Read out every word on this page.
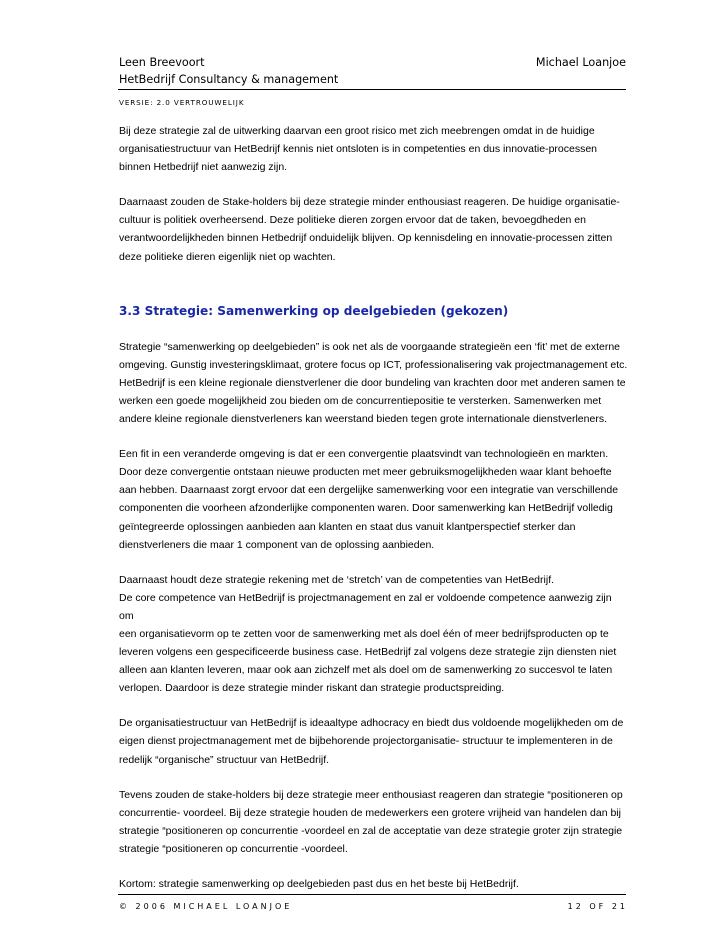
Leen Breevoort	Michael Loanjoe
HetBedrijf Consultancy & management
VERSIE: 2.0 VERTROUWELIJK

Bij deze strategie zal de uitwerking daarvan een groot risico met zich meebrengen omdat in de huidige
organisatiestructuur van HetBedrijf kennis niet ontsloten is in competenties en dus innovatie-processen
binnen Hetbedrijf niet aanwezig zijn.

Daarnaast zouden de Stake-holders bij deze strategie minder enthousiast reageren. De huidige organisatie-
cultuur is politiek overheersend. Deze politieke dieren zorgen ervoor dat de taken, bevoegdheden en
verantwoordelijkheden binnen Hetbedrijf onduidelijk blijven. Op kennisdeling en innovatie-processen zitten
deze politieke dieren eigenlijk niet op wachten.

3.3 Strategie: Samenwerking op deelgebieden (gekozen)

Strategie “samenwerking op deelgebieden” is ook net als de voorgaande strategieën een ‘fit’ met de externe
omgeving. Gunstig investeringsklimaat, grotere focus op ICT, professionalisering vak projectmanagement etc.
HetBedrijf is een kleine regionale dienstverlener die door bundeling van krachten door met anderen samen te
werken een goede mogelijkheid zou bieden om de concurrentiepositie te versterken. Samenwerken met
andere kleine regionale dienstverleners kan weerstand bieden tegen grote internationale dienstverleners.

Een fit in een veranderde omgeving is dat er een convergentie plaatsvindt van technologieën en markten.
Door deze convergentie ontstaan nieuwe producten met meer gebruiksmogelijkheden waar klant behoefte
aan hebben. Daarnaast zorgt ervoor dat een dergelijke samenwerking voor een integratie van verschillende
componenten die voorheen afzonderlijke componenten waren. Door samenwerking kan HetBedrijf volledig
geïntegreerde oplossingen aanbieden aan klanten en staat dus vanuit klantperspectief sterker dan
dienstverleners die maar 1 component van de oplossing aanbieden.

Daarnaast houdt deze strategie rekening met de ‘stretch’ van de competenties van HetBedrijf.
De core competence van HetBedrijf is projectmanagement en zal er voldoende competence aanwezig zijn om
een organisatievorm op te zetten voor de samenwerking met als doel één of meer bedrijfsproducten op te
leveren volgens een gespecificeerde business case. HetBedrijf zal volgens deze strategie zijn diensten niet
alleen aan klanten leveren, maar ook aan zichzelf met als doel om de samenwerking zo succesvol te laten
verlopen. Daardoor is deze strategie minder riskant dan strategie productspreiding.

De organisatiestructuur van HetBedrijf is ideaaltype adhocracy en biedt dus voldoende mogelijkheden om de
eigen dienst projectmanagement met de bijbehorende projectorganisatie- structuur te implementeren in de
redelijk “organische” structuur van HetBedrijf.

Tevens zouden de stake-holders bij deze strategie meer enthousiast reageren dan strategie “positioneren op
concurrentie- voordeel. Bij deze strategie houden de medewerkers een grotere vrijheid van handelen dan bij
strategie “positioneren op concurrentie -voordeel en zal de acceptatie van deze strategie groter zijn strategie
strategie “positioneren op concurrentie -voordeel.

Kortom: strategie samenwerking op deelgebieden past dus en het beste bij HetBedrijf.

© 2006 MICHAEL LOANJOE	12 OF 21
